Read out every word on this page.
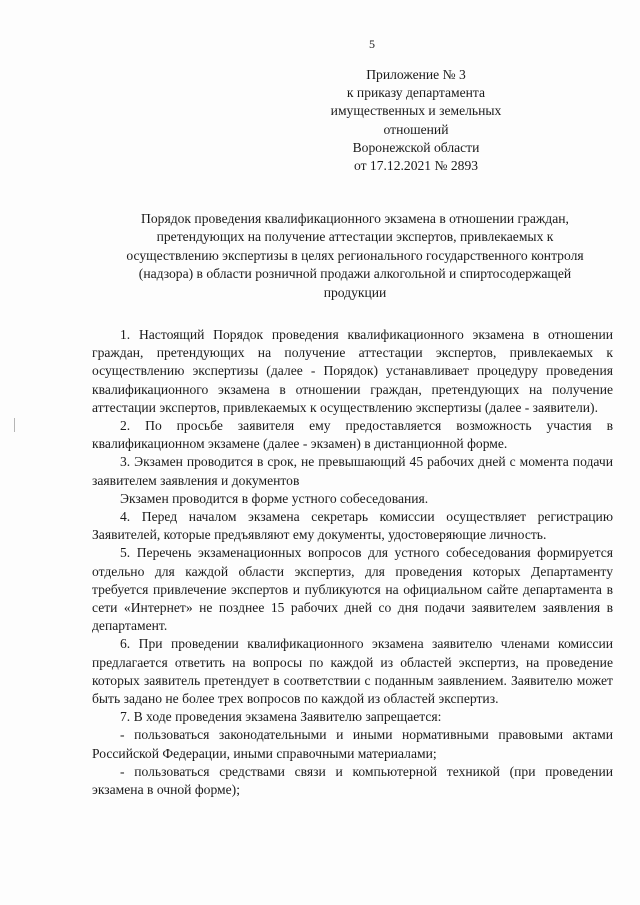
5
Приложение № 3
к приказу департамента
имущественных и земельных
отношений
Воронежской области
от 17.12.2021 № 2893
Порядок проведения квалификационного экзамена в отношении граждан,
претендующих на получение аттестации экспертов, привлекаемых к
осуществлению экспертизы в целях регионального государственного контроля
(надзора) в области розничной продажи алкогольной и спиртосодержащей
продукции

1. Настоящий Порядок проведения квалификационного экзамена в отношении граждан, претендующих на получение аттестации экспертов, привлекаемых к осуществлению экспертизы (далее - Порядок) устанавливает процедуру проведения квалификационного экзамена в отношении граждан, претендующих на получение аттестации экспертов, привлекаемых к осуществлению экспертизы (далее - заявители).

2. По просьбе заявителя ему предоставляется возможность участия в квалификационном экзамене (далее - экзамен) в дистанционной форме.

3. Экзамен проводится в срок, не превышающий 45 рабочих дней с момента подачи заявителем заявления и документов

Экзамен проводится в форме устного собеседования.

4. Перед началом экзамена секретарь комиссии осуществляет регистрацию Заявителей, которые предъявляют ему документы, удостоверяющие личность.

5. Перечень экзаменационных вопросов для устного собеседования формируется отдельно для каждой области экспертиз, для проведения которых Департаменту требуется привлечение экспертов и публикуются на официальном сайте департамента в сети «Интернет» не позднее 15 рабочих дней со дня подачи заявителем заявления в департамент.

6. При проведении квалификационного экзамена заявителю членами комиссии предлагается ответить на вопросы по каждой из областей экспертиз, на проведение которых заявитель претендует в соответствии с поданным заявлением. Заявителю может быть задано не более трех вопросов по каждой из областей экспертиз.

7. В ходе проведения экзамена Заявителю запрещается:

- пользоваться законодательными и иными нормативными правовыми актами Российской Федерации, иными справочными материалами;

- пользоваться средствами связи и компьютерной техникой (при проведении экзамена в очной форме);
